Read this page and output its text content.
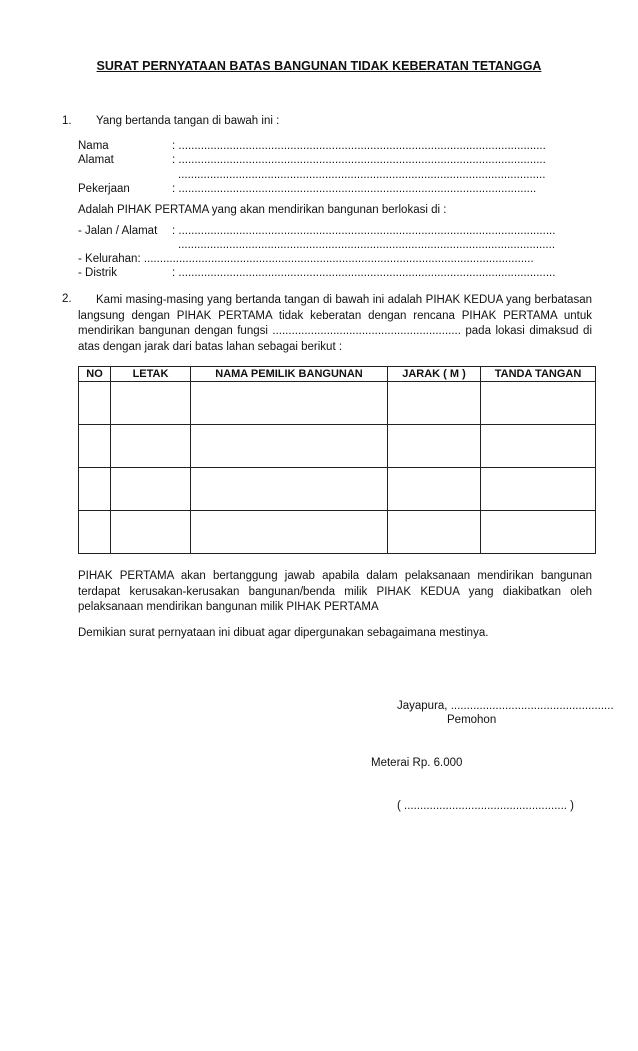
SURAT PERNYATAAN BATAS BANGUNAN TIDAK KEBERATAN TETANGGA
1. Yang bertanda tangan di bawah ini :
Nama	: ...................................................................................................................
Alamat	: ...................................................................................................................
...................................................................................................................
Pekerjaan	: ................................................................................................................
Adalah PIHAK PERTAMA yang akan mendirikan bangunan berlokasi di :
- Jalan / Alamat : ......................................................................................................................
......................................................................................................................
- Kelurahan: ..........................................................................................................................
- Distrik	: ......................................................................................................................
2.	Kami masing-masing yang bertanda tangan di bawah ini adalah PIHAK KEDUA yang berbatasan langsung dengan PIHAK PERTAMA tidak keberatan dengan rencana PIHAK PERTAMA untuk mendirikan bangunan dengan fungsi ........................................................... pada lokasi dimaksud di atas dengan jarak dari batas lahan sebagai berikut :
NO	LETAK	NAMA PEMILIK BANGUNAN	JARAK ( M )	TANDA TANGAN

PIHAK PERTAMA akan bertanggung jawab apabila dalam pelaksanaan mendirikan bangunan terdapat kerusakan-kerusakan bangunan/benda milik PIHAK KEDUA yang diakibatkan oleh pelaksanaan mendirikan bangunan milik PIHAK PERTAMA
Demikian surat pernyataan ini dibuat agar dipergunakan sebagaimana mestinya.
Jayapura, ...................................................
Pemohon
Meterai Rp. 6.000
( ................................................... )
